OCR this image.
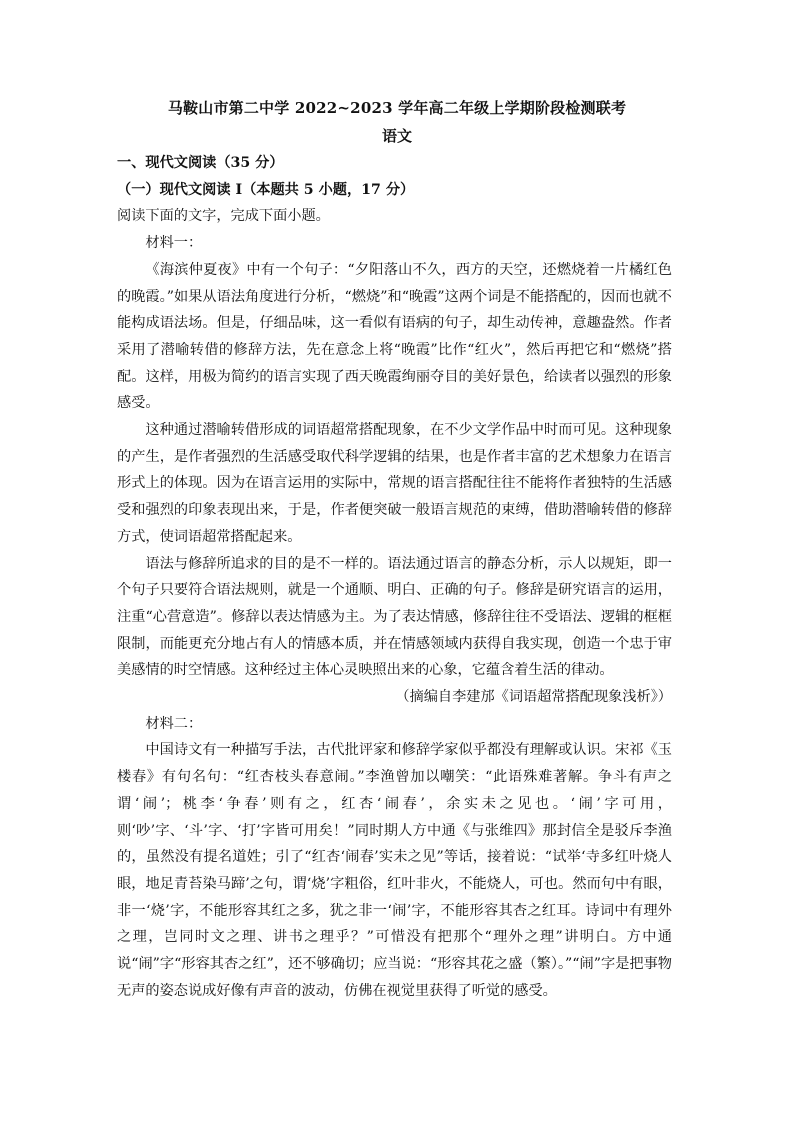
马鞍山市第二中学 2022~2023 学年高二年级上学期阶段检测联考
语文

一、现代文阅读（35 分）

（一）现代文阅读 I（本题共 5 小题，17 分）

阅读下面的文字，完成下面小题。

材料一：

《海滨仲夏夜》中有一个句子：“夕阳落山不久，西方的天空，还燃烧着一片橘红色的晚霞。”如果从语法角度进行分析，“燃烧”和“晚霞”这两个词是不能搭配的，因而也就不能构成语法场。但是，仔细品味，这一看似有语病的句子，却生动传神，意趣盎然。作者采用了潜喻转借的修辞方法，先在意念上将“晚霞”比作“红火”，然后再把它和“燃烧”搭配。这样，用极为简约的语言实现了西天晚霞绚丽夺目的美好景色，给读者以强烈的形象感受。

这种通过潜喻转借形成的词语超常搭配现象，在不少文学作品中时而可见。这种现象的产生，是作者强烈的生活感受取代科学逻辑的结果，也是作者丰富的艺术想象力在语言形式上的体现。因为在语言运用的实际中，常规的语言搭配往往不能将作者独特的生活感受和强烈的印象表现出来，于是，作者便突破一般语言规范的束缚，借助潜喻转借的修辞方式，使词语超常搭配起来。

语法与修辞所追求的目的是不一样的。语法通过语言的静态分析，示人以规矩，即一个句子只要符合语法规则，就是一个通顺、明白、正确的句子。修辞是研究语言的运用，注重“心营意造”。修辞以表达情感为主。为了表达情感，修辞往往不受语法、逻辑的框框限制，而能更充分地占有人的情感本质，并在情感领域内获得自我实现，创造一个忠于审美感情的时空情感。这种经过主体心灵映照出来的心象，它蕴含着生活的律动。

（摘编自李建邡《词语超常搭配现象浅析》）

材料二：

中国诗文有一种描写手法，古代批评家和修辞学家似乎都没有理解或认识。宋祁《玉楼春》有句名句：“红杏枝头春意闹。”李渔曾加以嘲笑：“此语殊难著解。争斗有声之谓‘闹’；桃李‘争春’则有之，红杏‘闹春’，余实未之见也。‘闹’字可用，则‘吵’字、‘斗’字、‘打’字皆可用矣！”同时期人方中通《与张维四》那封信全是驳斥李渔的，虽然没有提名道姓；引了“红杏‘闹春’实未之见”等话，接着说：“试举‘寺多红叶烧人眼，地足青苔染马蹄’之句，谓‘烧’字粗俗，红叶非火，不能烧人，可也。然而句中有眼，非一‘烧’字，不能形容其红之多，犹之非一‘闹’字，不能形容其杏之红耳。诗词中有理外之理，岂同时文之理、讲书之理乎？”可惜没有把那个“理外之理”讲明白。方中通说“闹”字“形容其杏之红”，还不够确切；应当说：“形容其花之盛（繁）。”“闹”字是把事物无声的姿态说成好像有声音的波动，仿佛在视觉里获得了听觉的感受。
